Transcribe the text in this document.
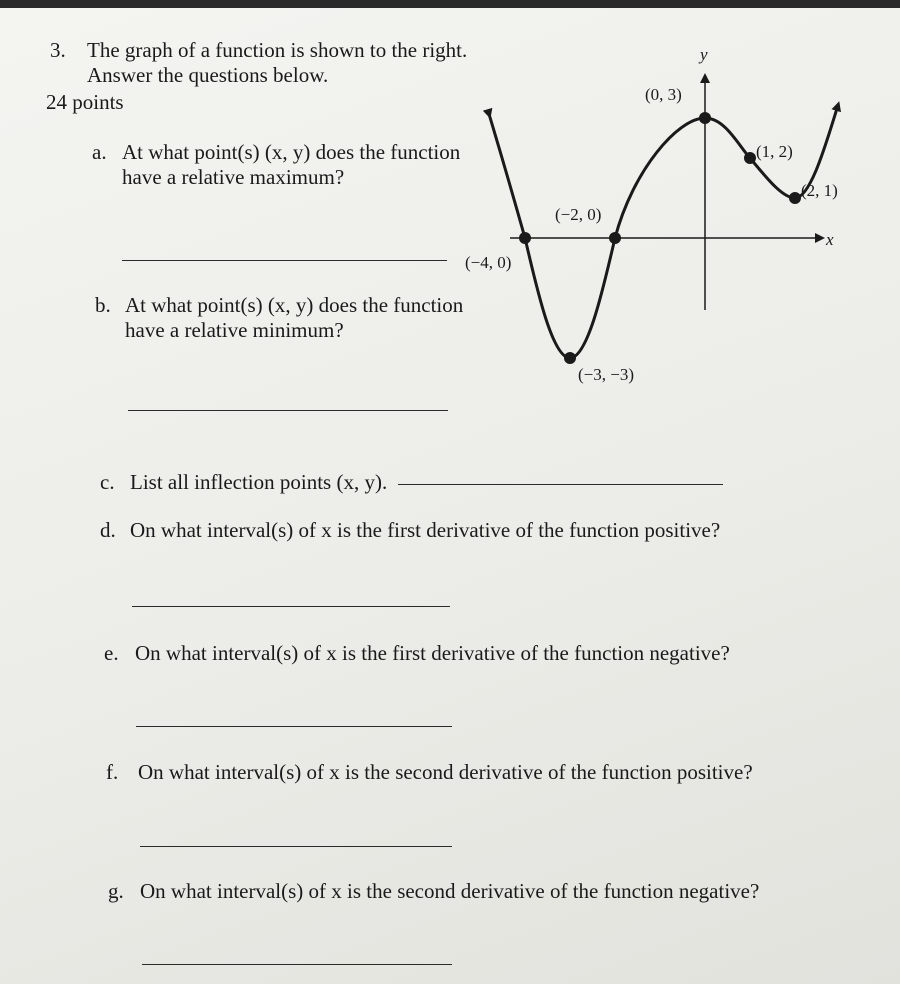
3. The graph of a function is shown to the right.
Answer the questions below.
24 points
a. At what point(s) (x, y) does the function
have a relative maximum?
b. At what point(s) (x, y) does the function
have a relative minimum?
c. List all inflection points (x, y).
d. On what interval(s) of x is the first derivative of the function positive?
e. On what interval(s) of x is the first derivative of the function negative?
f. On what interval(s) of x is the second derivative of the function positive?
g. On what interval(s) of x is the second derivative of the function negative?
x
y
(−4, 0)
(−3, −3)
(−2, 0)
(0, 3)
(1, 2)
(2, 1)
